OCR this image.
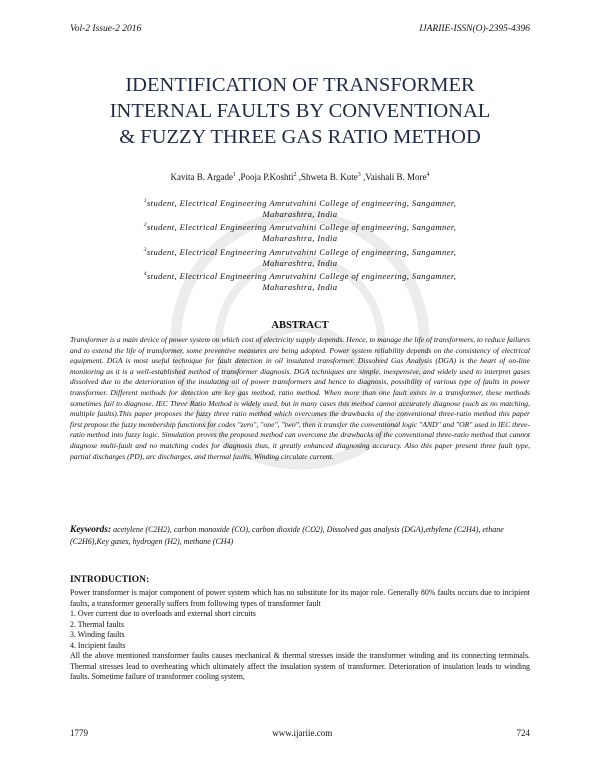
Vol-2 Issue-2 2016	IJARIIE-ISSN(O)-2395-4396
IDENTIFICATION OF TRANSFORMER
INTERNAL FAULTS BY CONVENTIONAL
& FUZZY THREE GAS RATIO METHOD
Kavita B. Argade$^1$ ,Pooja P.Koshti$^2$ ,Shweta B. Kute$^3$ ,Vaishali B. More$^4$
$^1$student, Electrical Engineering Amrutvahini College of engineering, Sangamner,
Maharashtra, India
$^2$student, Electrical Engineering Amrutvahini College of engineering, Sangamner,
Maharashtra, India
$^3$student, Electrical Engineering Amrutvahini College of engineering, Sangamner,
Maharashtra, India
$^4$student, Electrical Engineering Amrutvahini College of engineering, Sangamner,
Maharashtra, India
ABSTRACT
Transformer is a main device of power system on which cost of electricity supply depends. Hence, to manage the life of transformers, to reduce failures and to extend the life of transformer, some preventive measures are being adopted. Power system reliability depends on the consistency of electrical equipment. DGA is most useful technique for fault detection in oil insulated transformer. Dissolved Gas Analysis (DGA) is the heart of on-line monitoring as it is a well-established method of transformer diagnosis. DGA techniques are simple, inexpensive, and widely used to interpret gases dissolved due to the deterioration of the insulating oil of power transformers and hence to diagnosis, possibility of various type of faults in power transformer. Different methods for detection are key gas method, ratio method. When more than one fault exists in a transformer, these methods sometimes fail to diagnose. IEC Three Ratio Method is widely used, but in many cases this method cannot accurately diagnose (such as no matching, multiple faults).This paper proposes the fuzzy three ratio method which overcomes the drawbacks of the conventional three-ratio method this paper first propose the fuzzy membership functions for codes "zero", "one", "two", then it transfer the conventional logic "AND" and "OR" used in IEC three-ratio method into fuzzy logic. Simulation proves the proposed method can overcome the drawbacks of the conventional three-ratio method that cannot diagnose multi-fault and no matching codes for diagnosis thus, it greatly enhanced diagnosing accuracy. Also this paper present three fault type, partial discharges (PD), arc discharges, and thermal faults, Winding circulate current.
Keywords: acetylene (C2H2), carbon monoxide (CO), carbon dioxide (CO2), Dissolved gas analysis (DGA),ethylene (C2H4), ethane (C2H6),Key gases, hydrogen (H2), methane (CH4)
INTRODUCTION:
Power transformer is major component of power system which has no substitute for its major role. Generally 80% faults occurs due to incipient faults, a transformer generally suffers from following types of transformer fault
1. Over current due to overloads and external short circuits
2. Thermal faults
3. Winding faults
4. Incipient faults
All the above mentioned transformer faults causes mechanical & thermal stresses inside the transformer winding and its connecting terminals. Thermal stresses lead to overheating which ultimately affect the insulation system of transformer. Deterioration of insulation leads to winding faults. Sometime failure of transformer cooling system,
1779	www.ijariie.com	724
